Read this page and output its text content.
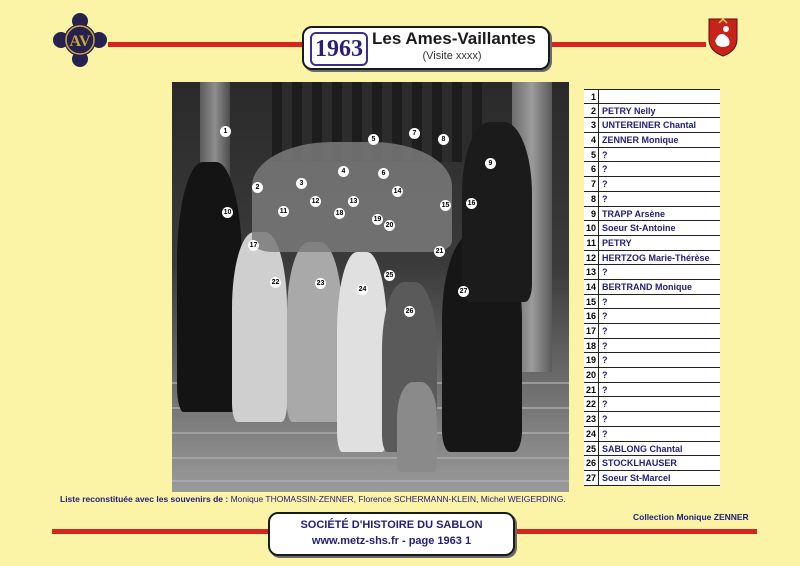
AV	1963 Les Ames-Vaillantes
(Visite xxxx)
1
2
3
4
5
6
7
8
9
10	11
12	13
14
15	16
17
18
19
20
21
22	23
24
25
26
27
1
2 PETRY Nelly
3 UNTEREINER Chantal
4 ZENNER Monique
5 ?
6 ?
7 ?
8 ?
9 TRAPP Arsène
10 Soeur St-Antoine
11 PETRY
12 HERTZOG Marie-Thérèse
13 ?
14 BERTRAND Monique
15 ?
16 ?
17 ?
18 ?
19 ?
20 ?
21 ?
22 ?
23 ?
24 ?
25 SABLONG Chantal
26 STOCKLHAUSER
27 Soeur St-Marcel
Liste reconstituée avec les souvenirs de : Monique THOMASSIN-ZENNER, Florence SCHERMANN-KLEIN, Michel WEIGERDING.
Collection Monique ZENNER
SOCIÉTÉ D'HISTOIRE DU SABLON
www.metz-shs.fr - page 1963 1
